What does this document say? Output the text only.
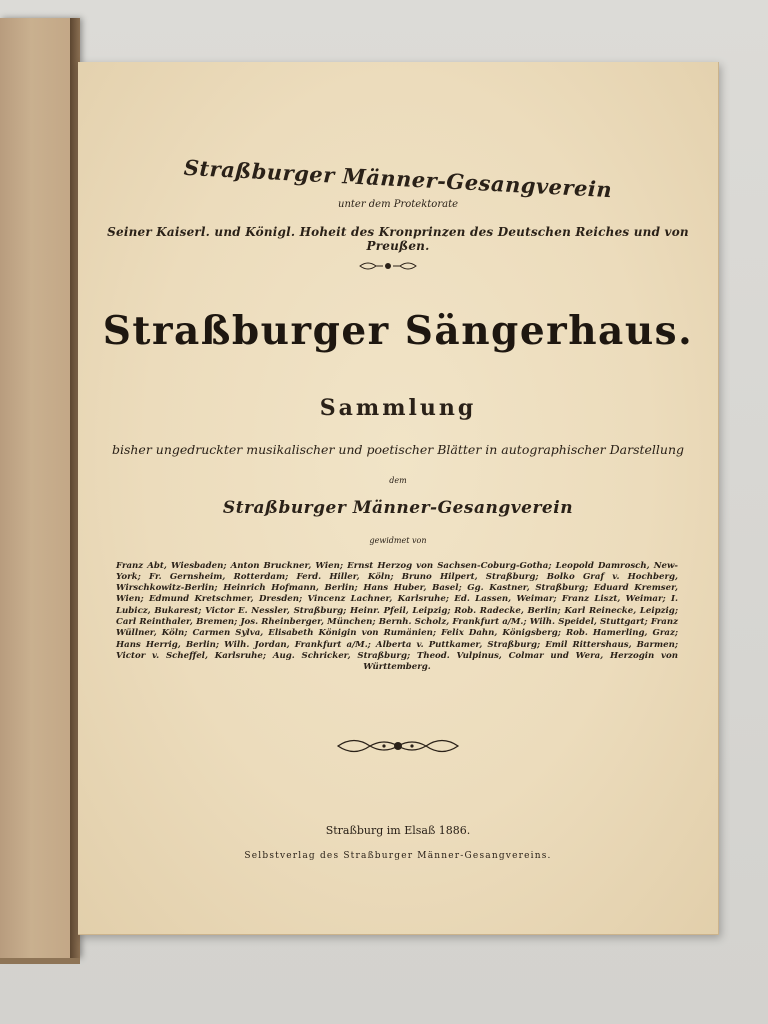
Straßburger Männer-Gesangverein

unter dem Protektorate

Seiner Kaiserl. und Königl. Hoheit des Kronprinzen des Deutschen Reiches und von Preußen.

Straßburger Sängerhaus.
Sammlung

bisher ungedruckter musikalischer und poetischer Blätter in autographischer Darstellung

dem

Straßburger Männer-Gesangverein

gewidmet von

Franz Abt, Wiesbaden; Anton Bruckner, Wien; Ernst Herzog von Sachsen-Coburg-Gotha; Leopold Damrosch, New-York; Fr. Gernsheim, Rotterdam; Ferd. Hiller, Köln; Bruno Hilpert, Straßburg; Bolko Graf v. Hochberg, Wirschkowitz-Berlin; Heinrich Hofmann, Berlin; Hans Huber, Basel; Gg. Kastner, Straßburg; Eduard Kremser, Wien; Edmund Kretschmer, Dresden; Vincenz Lachner, Karlsruhe; Ed. Lassen, Weimar; Franz Liszt, Weimar; I. Lubicz, Bukarest; Victor E. Nessler, Straßburg; Heinr. Pfeil, Leipzig; Rob. Radecke, Berlin; Karl Reinecke, Leipzig; Carl Reinthaler, Bremen; Jos. Rheinberger, München; Bernh. Scholz, Frankfurt a/M.; Wilh. Speidel, Stuttgart; Franz Wüllner, Köln; Carmen Sylva, Elisabeth Königin von Rumänien; Felix Dahn, Königsberg; Rob. Hamerling, Graz; Hans Herrig, Berlin; Wilh. Jordan, Frankfurt a/M.; Alberta v. Puttkamer, Straßburg; Emil Rittershaus, Barmen; Victor v. Scheffel, Karlsruhe; Aug. Schricker, Straßburg; Theod. Vulpinus, Colmar und Wera, Herzogin von Württemberg.

Straßburg im Elsaß 1886.

Selbstverlag des Straßburger Männer-Gesangvereins.
